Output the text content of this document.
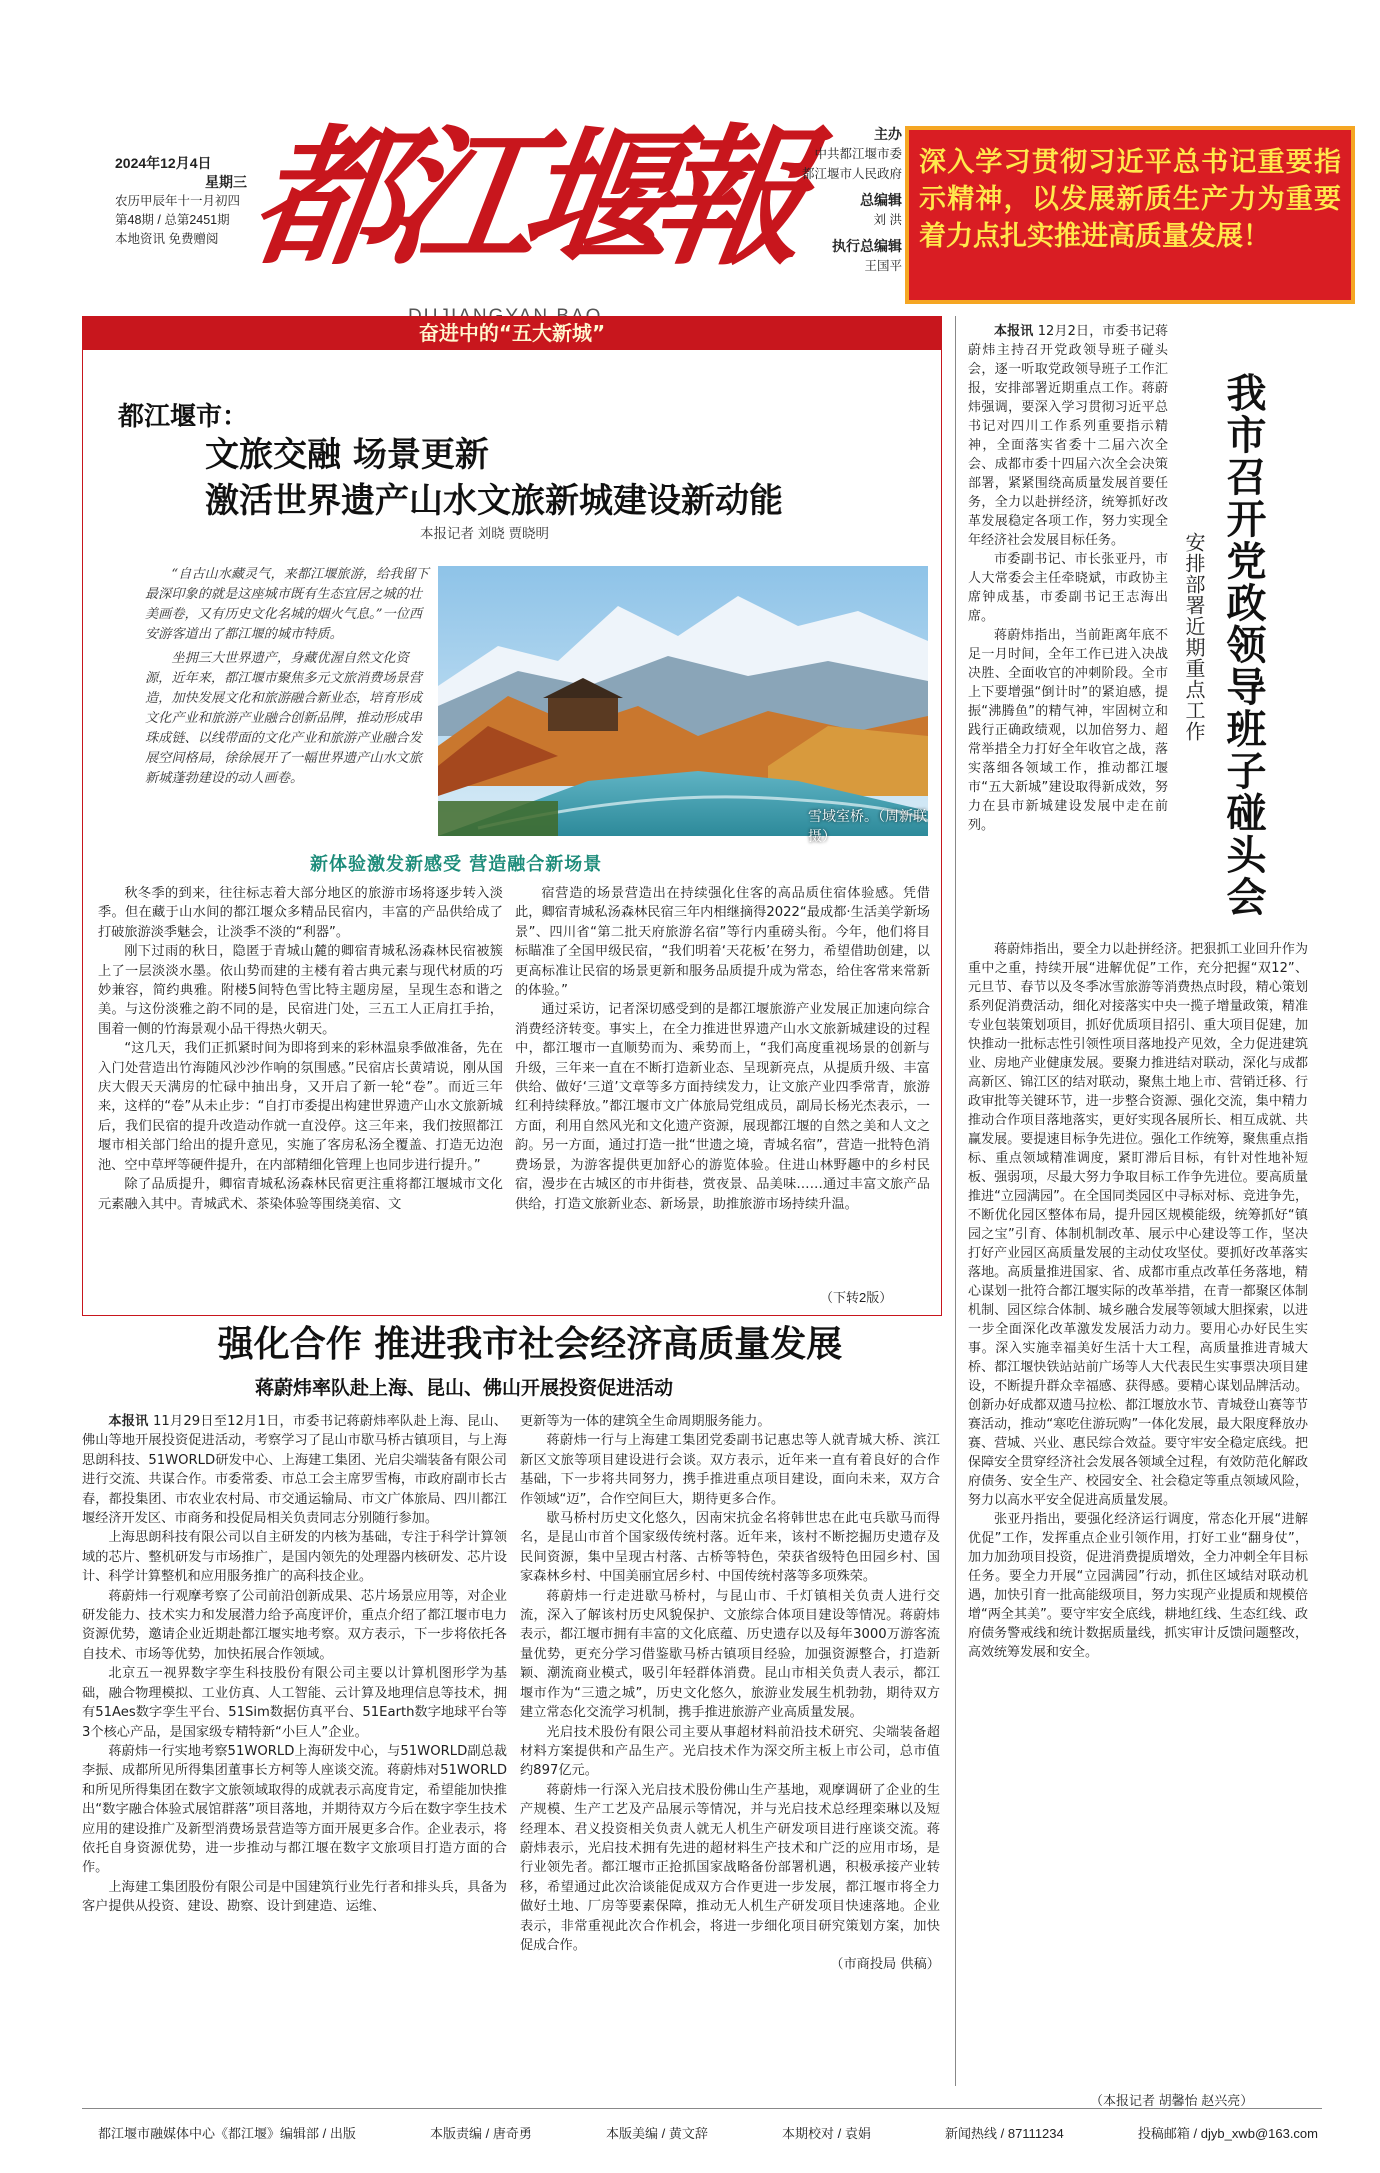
2024年12月4日
星期三
农历甲辰年十一月初四
第48期 / 总第2451期
本地资讯 免费赠阅 都江堰報	主办
中共都江堰市委
都江堰市人民政府
总编辑
刘 洪
执行总编辑
王国平
深入学习贯彻习近平总书记重要指示精神，以发展新质生产力为重要着力点扎实推进高质量发展！
奋进中的“五大新城”
都江堰市：
文旅交融 场景更新
激活世界遗产山水文旅新城建设新动能
本报记者 刘晓 贾晓明

“自古山水藏灵气，来都江堰旅游，给我留下最深印象的就是这座城市既有生态宜居之城的壮美画卷，又有历史文化名城的烟火气息。”一位西安游客道出了都江堰的城市特质。

坐拥三大世界遗产，身藏优渥自然文化资源，近年来，都江堰市聚焦多元文旅消费场景营造，加快发展文化和旅游融合新业态，培育形成文化产业和旅游产业融合创新品牌，推动形成串珠成链、以线带面的文化产业和旅游产业融合发展空间格局，徐徐展开了一幅世界遗产山水文旅新城蓬勃建设的动人画卷。

雪域室桥。（周新联 摄）
新体验激发新感受 营造融合新场景

秋冬季的到来，往往标志着大部分地区的旅游市场将逐步转入淡季。但在藏于山水间的都江堰众多精品民宿内，丰富的产品供给成了打破旅游淡季魅会，让淡季不淡的“利器”。

刚下过雨的秋日，隐匿于青城山麓的卿宿青城私汤森林民宿被簇上了一层淡淡水墨。依山势而建的主楼有着古典元素与现代材质的巧妙兼容，简约典雅。附楼5间特色雪比特主题房屋，呈现生态和谐之美。与这份淡雅之韵不同的是，民宿进门处，三五工人正肩扛手抬，围着一侧的竹海景观小品干得热火朝天。

“这几天，我们正抓紧时间为即将到来的彩林温泉季做准备，先在入门处营造出竹海随风沙沙作响的氛围感。”民宿店长黄靖说，刚从国庆大假天天满房的忙碌中抽出身，又开启了新一轮“卷”。而近三年来，这样的“卷”从未止步：“自打市委提出构建世界遗产山水文旅新城后，我们民宿的提升改造动作就一直没停。这三年来，我们按照都江堰市相关部门给出的提升意见，实施了客房私汤全覆盖、打造无边泡池、空中草坪等硬件提升，在内部精细化管理上也同步进行提升。”

除了品质提升，卿宿青城私汤森林民宿更注重将都江堰城市文化元素融入其中。青城武术、茶染体验等围绕美宿、文

宿营造的场景营造出在持续强化住客的高品质住宿体验感。凭借此，卿宿青城私汤森林民宿三年内相继摘得2022“最成都·生活美学新场景”、四川省“第二批天府旅游名宿”等行内重磅头衔。今年，他们将目标瞄准了全国甲级民宿，“我们明着‘天花板’在努力，希望借助创建，以更高标准让民宿的场景更新和服务品质提升成为常态，给住客常来常新的体验。”

通过采访，记者深切感受到的是都江堰旅游产业发展正加速向综合消费经济转变。事实上，在全力推进世界遗产山水文旅新城建设的过程中，都江堰市一直顺势而为、乘势而上，“我们高度重视场景的创新与升级，三年来一直在不断打造新业态、呈现新亮点，从提质升级、丰富供给、做好‘三道’文章等多方面持续发力，让文旅产业四季常青，旅游红利持续释放。”都江堰市文广体旅局党组成员，副局长杨光杰表示，一方面，利用自然风光和文化遗产资源，展现都江堰的自然之美和人文之韵。另一方面，通过打造一批“世遗之境，青城名宿”，营造一批特色消费场景，为游客提供更加舒心的游览体验。住进山林野趣中的乡村民宿，漫步在古城区的市井街巷，赏夜景、品美味……通过丰富文旅产品供给，打造文旅新业态、新场景，助推旅游市场持续升温。

（下转2版）
强化合作 推进我市社会经济高质量发展
蒋蔚炜率队赴上海、昆山、佛山开展投资促进活动

本报讯 11月29日至12月1日，市委书记蒋蔚炜率队赴上海、昆山、佛山等地开展投资促进活动，考察学习了昆山市歇马桥古镇项目，与上海思朗科技、51WORLD研发中心、上海建工集团、光启尖端装备有限公司进行交流、共谋合作。市委常委、市总工会主席罗雪梅，市政府副市长古春，都投集团、市农业农村局、市交通运输局、市文广体旅局、四川都江堰经济开发区、市商务和投促局相关负责同志分别随行参加。

上海思朗科技有限公司以自主研发的内核为基础，专注于科学计算领域的芯片、整机研发与市场推广，是国内领先的处理器内核研发、芯片设计、科学计算整机和应用服务推广的高科技企业。

蒋蔚炜一行观摩考察了公司前沿创新成果、芯片场景应用等，对企业研发能力、技术实力和发展潜力给予高度评价，重点介绍了都江堰市电力资源优势，邀请企业近期赴都江堰实地考察。双方表示，下一步将依托各自技术、市场等优势，加快拓展合作领域。

北京五一视界数字孪生科技股份有限公司主要以计算机图形学为基础，融合物理模拟、工业仿真、人工智能、云计算及地理信息等技术，拥有51Aes数字孪生平台、51Sim数据仿真平台、51Earth数字地球平台等3个核心产品，是国家级专精特新“小巨人”企业。

蒋蔚炜一行实地考察51WORLD上海研发中心，与51WORLD副总裁李振、成都所见所得集团董事长方柯等人座谈交流。蒋蔚炜对51WORLD和所见所得集团在数字文旅领域取得的成就表示高度肯定，希望能加快推出“数字融合体验式展馆群落”项目落地，并期待双方今后在数字孪生技术应用的建设推广及新型消费场景营造等方面开展更多合作。企业表示，将依托自身资源优势，进一步推动与都江堰在数字文旅项目打造方面的合作。

上海建工集团股份有限公司是中国建筑行业先行者和排头兵，具备为客户提供从投资、建设、勘察、设计到建造、运维、

更新等为一体的建筑全生命周期服务能力。

蒋蔚炜一行与上海建工集团党委副书记惠忠等人就青城大桥、滨江新区文旅等项目建设进行会谈。双方表示，近年来一直有着良好的合作基础，下一步将共同努力，携手推进重点项目建设，面向未来，双方合作领域“迈”，合作空间巨大，期待更多合作。

歇马桥村历史文化悠久，因南宋抗金名将韩世忠在此屯兵歇马而得名，是昆山市首个国家级传统村落。近年来，该村不断挖掘历史遗存及民间资源，集中呈现古村落、古桥等特色，荣获省级特色田园乡村、国家森林乡村、中国美丽宜居乡村、中国传统村落等多项殊荣。

蒋蔚炜一行走进歇马桥村，与昆山市、千灯镇相关负责人进行交流，深入了解该村历史风貌保护、文旅综合体项目建设等情况。蒋蔚炜表示，都江堰市拥有丰富的文化底蕴、历史遗存以及每年3000万游客流量优势，更充分学习借鉴歇马桥古镇项目经验，加强资源整合，打造新颖、潮流商业模式，吸引年轻群体消费。昆山市相关负责人表示，都江堰市作为“三遗之城”，历史文化悠久，旅游业发展生机勃勃，期待双方建立常态化交流学习机制，携手推进旅游产业高质量发展。

光启技术股份有限公司主要从事超材料前沿技术研究、尖端装备超材料方案提供和产品生产。光启技术作为深交所主板上市公司，总市值约897亿元。

蒋蔚炜一行深入光启技术股份佛山生产基地，观摩调研了企业的生产规模、生产工艺及产品展示等情况，并与光启技术总经理栾琳以及短经理本、君义投资相关负责人就无人机生产研发项目进行座谈交流。蒋蔚炜表示，光启技术拥有先进的超材料生产技术和广泛的应用市场，是行业领先者。都江堰市正抢抓国家战略备份部署机遇，积极承接产业转移，希望通过此次洽谈能促成双方合作更进一步发展，都江堰市将全力做好土地、厂房等要素保障，推动无人机生产研发项目快速落地。企业表示，非常重视此次合作机会，将进一步细化项目研究策划方案，加快促成合作。

（市商投局 供稿）
我市召开党政领导班子碰头会
安排部署近期重点工作

本报讯 12月2日，市委书记蒋蔚炜主持召开党政领导班子碰头会，逐一听取党政领导班子工作汇报，安排部署近期重点工作。蒋蔚炜强调，要深入学习贯彻习近平总书记对四川工作系列重要指示精神，全面落实省委十二届六次全会、成都市委十四届六次全会决策部署，紧紧围绕高质量发展首要任务，全力以赴拼经济，统筹抓好改革发展稳定各项工作，努力实现全年经济社会发展目标任务。

市委副书记、市长张亚丹，市人大常委会主任牵晓斌，市政协主席钟成基，市委副书记王志海出席。

蒋蔚炜指出，当前距离年底不足一月时间，全年工作已进入决战决胜、全面收官的冲刺阶段。全市上下要增强“倒计时”的紧迫感，提振“沸腾鱼”的精气神，牢固树立和践行正确政绩观，以加倍努力、超常举措全力打好全年收官之战，落实落细各领域工作，推动都江堰市“五大新城”建设取得新成效，努力在县市新城建设发展中走在前列。

蒋蔚炜指出，要全力以赴拼经济。把狠抓工业回升作为重中之重，持续开展“进解优促”工作，充分把握“双12”、元旦节、春节以及冬季冰雪旅游等消费热点时段，精心策划系列促消费活动，细化对接落实中央一揽子增量政策，精准专业包装策划项目，抓好优质项目招引、重大项目促建，加快推动一批标志性引领性项目落地投产见效，全力促进建筑业、房地产业健康发展。要聚力推进结对联动，深化与成都高新区、锦江区的结对联动，聚焦土地上市、营销迁移、行政审批等关键环节，进一步整合资源、强化交流，集中精力推动合作项目落地落实，更好实现各展所长、相互成就、共赢发展。要提速目标争先进位。强化工作统筹，聚焦重点指标、重点领域精准调度，紧盯滞后目标，有针对性地补短板、强弱项，尽最大努力争取目标工作争先进位。要高质量推进“立园满园”。在全国同类园区中寻标对标、竞进争先，不断优化园区整体布局，提升园区规模能级，统筹抓好“镇园之宝”引育、体制机制改革、展示中心建设等工作，坚决打好产业园区高质量发展的主动仗攻坚仗。要抓好改革落实落地。高质量推进国家、省、成都市重点改革任务落地，精心谋划一批符合都江堰实际的改革举措，在青一都聚区体制机制、园区综合体制、城乡融合发展等领域大胆探索，以进一步全面深化改革激发发展活力动力。要用心办好民生实事。深入实施幸福美好生活十大工程，高质量推进青城大桥、都江堰快铁站站前广场等人大代表民生实事票决项目建设，不断提升群众幸福感、获得感。要精心谋划品牌活动。创新办好成都双遗马拉松、都江堰放水节、青城登山赛等节赛活动，推动“寒吃住游玩购”一体化发展，最大限度释放办赛、营城、兴业、惠民综合效益。要守牢安全稳定底线。把保障安全贯穿经济社会发展各领域全过程，有效防范化解政府债务、安全生产、校园安全、社会稳定等重点领域风险，努力以高水平安全促进高质量发展。

张亚丹指出，要强化经济运行调度，常态化开展“进解优促”工作，发挥重点企业引领作用，打好工业“翻身仗”，加力加劲项目投资，促进消费提质增效，全力冲刺全年目标任务。要全力开展“立园满园”行动，抓住区域结对联动机遇，加快引育一批高能级项目，努力实现产业提质和规模倍增“两全其美”。要守牢安全底线，耕地红线、生态红线、政府债务警戒线和统计数据质量线，抓实审计反馈问题整改，高效统筹发展和安全。

（本报记者 胡馨怡 赵兴亮）
都江堰市融媒体中心《都江堰》编辑部 / 出版	本版责编 / 唐奇勇	本版美编 / 黄文辞	本期校对 / 袁娟	新闻热线 / 87111234	投稿邮箱 / djyb_xwb@163.com
